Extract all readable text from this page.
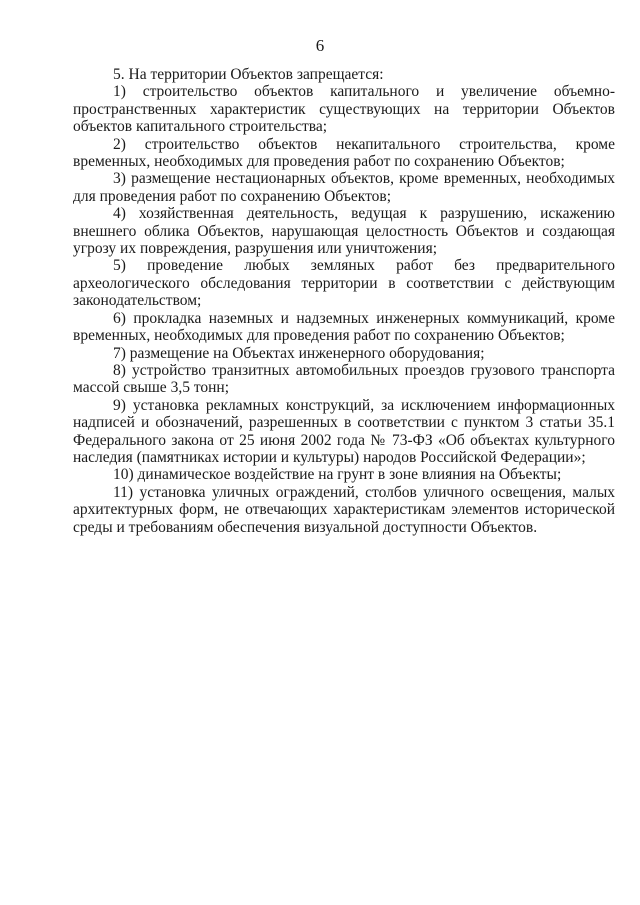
6

5. На территории Объектов запрещается:

1) строительство объектов капитального и увеличение объемно-пространственных характеристик существующих на территории Объектов объектов капитального строительства;

2) строительство объектов некапитального строительства, кроме временных, необходимых для проведения работ по сохранению Объектов;

3) размещение нестационарных объектов, кроме временных, необходимых для проведения работ по сохранению Объектов;

4) хозяйственная деятельность, ведущая к разрушению, искажению внешнего облика Объектов, нарушающая целостность Объектов и создающая угрозу их повреждения, разрушения или уничтожения;

5) проведение любых земляных работ без предварительного археологического обследования территории в соответствии с действующим законодательством;

6) прокладка наземных и надземных инженерных коммуникаций, кроме временных, необходимых для проведения работ по сохранению Объектов;

7) размещение на Объектах инженерного оборудования;

8) устройство транзитных автомобильных проездов грузового транспорта массой свыше 3,5 тонн;

9) установка рекламных конструкций, за исключением информационных надписей и обозначений, разрешенных в соответствии с пунктом 3 статьи 35.1 Федерального закона от 25 июня 2002 года № 73-ФЗ «Об объектах культурного наследия (памятниках истории и культуры) народов Российской Федерации»;

10) динамическое воздействие на грунт в зоне влияния на Объекты;

11) установка уличных ограждений, столбов уличного освещения, малых архитектурных форм, не отвечающих характеристикам элементов исторической среды и требованиям обеспечения визуальной доступности Объектов.
